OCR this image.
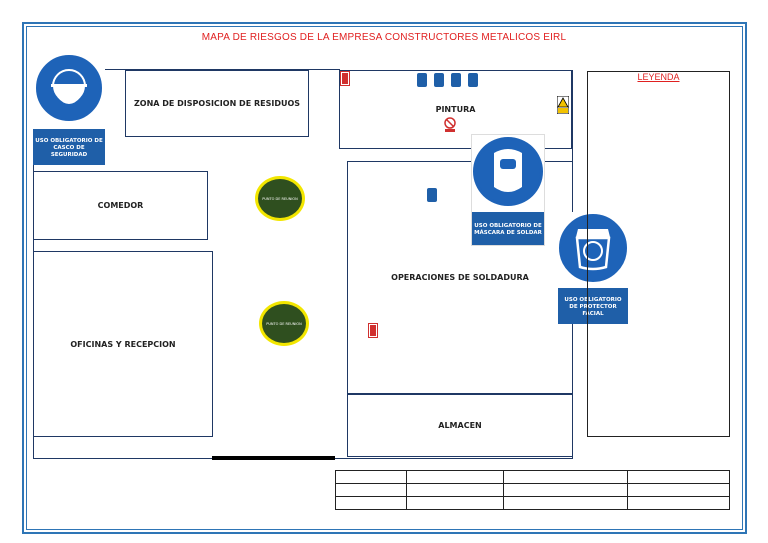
MAPA DE RIESGOS DE LA EMPRESA CONSTRUCTORES METALICOS EIRL
ZONA DE DISPOSICION DE RESIDUOS
PINTURA
COMEDOR
OFICINAS Y RECEPCION
OPERACIONES DE SOLDADURA
ALMACEN
PUNTO DE REUNION
PUNTO DE REUNION
USO OBLIGATORIO DE CASCO DE SEGURIDAD
USO OBLIGATORIO DE MÁSCARA DE SOLDAR
USO OBLIGATORIO DE PROTECTOR FACIAL
LEYENDA
